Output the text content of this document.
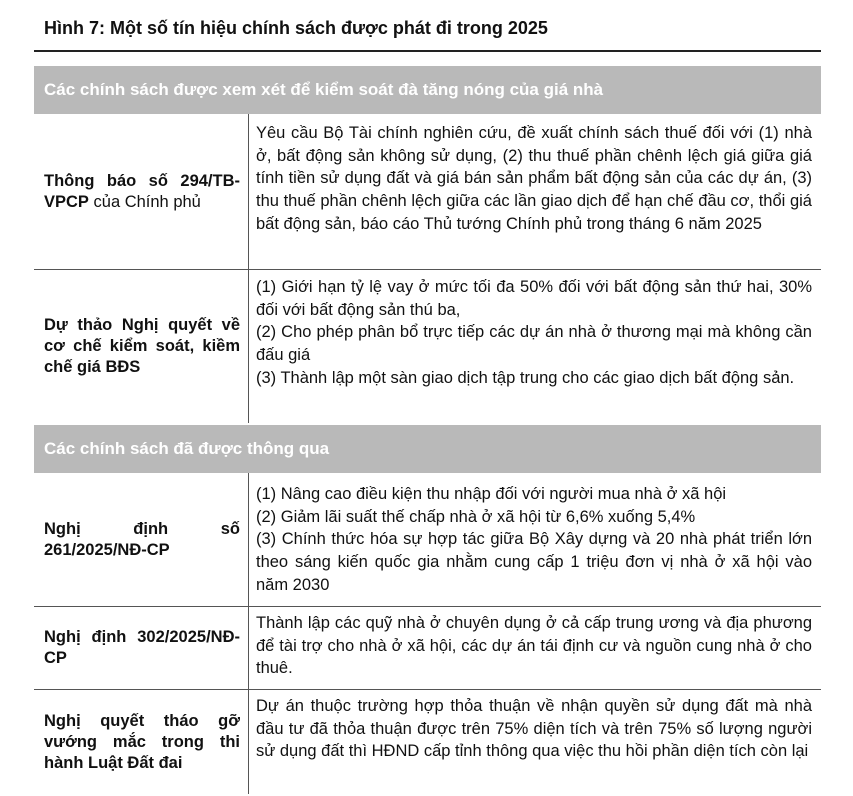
Hình 7: Một số tín hiệu chính sách được phát đi trong 2025
Các chính sách được xem xét để kiểm soát đà tăng nóng của giá nhà
Thông báo số 294/TB-VPCP của Chính phủ
Yêu cầu Bộ Tài chính nghiên cứu, đề xuất chính sách thuế đối với (1) nhà ở, bất động sản không sử dụng, (2) thu thuế phần chênh lệch giá giữa giá tính tiền sử dụng đất và giá bán sản phẩm bất động sản của các dự án, (3) thu thuế phần chênh lệch giữa các lần giao dịch để hạn chế đầu cơ, thổi giá bất động sản, báo cáo Thủ tướng Chính phủ trong tháng 6 năm 2025
Dự thảo Nghị quyết về cơ chế kiểm soát, kiềm chế giá BĐS
(1) Giới hạn tỷ lệ vay ở mức tối đa 50% đối với bất động sản thứ hai, 30% đối với bất động sản thú ba,
(2) Cho phép phân bổ trực tiếp các dự án nhà ở thương mại mà không cần đấu giá
(3) Thành lập một sàn giao dịch tập trung cho các giao dịch bất động sản.
Các chính sách đã được thông qua
Nghị định số 261/2025/NĐ-CP
(1) Nâng cao điều kiện thu nhập đối với người mua nhà ở xã hội
(2) Giảm lãi suất thế chấp nhà ở xã hội từ 6,6% xuống 5,4%
(3) Chính thức hóa sự hợp tác giữa Bộ Xây dựng và 20 nhà phát triển lớn theo sáng kiến quốc gia nhằm cung cấp 1 triệu đơn vị nhà ở xã hội vào năm 2030
Nghị định 302/2025/NĐ-CP
Thành lập các quỹ nhà ở chuyên dụng ở cả cấp trung ương và địa phương để tài trợ cho nhà ở xã hội, các dự án tái định cư và nguồn cung nhà ở cho thuê.
Nghị quyết tháo gỡ vướng mắc trong thi hành Luật Đất đai
Dự án thuộc trường hợp thỏa thuận về nhận quyền sử dụng đất mà nhà đầu tư đã thỏa thuận được trên 75% diện tích và trên 75% số lượng người sử dụng đất thì HĐND cấp tỉnh thông qua việc thu hồi phần diện tích còn lại
